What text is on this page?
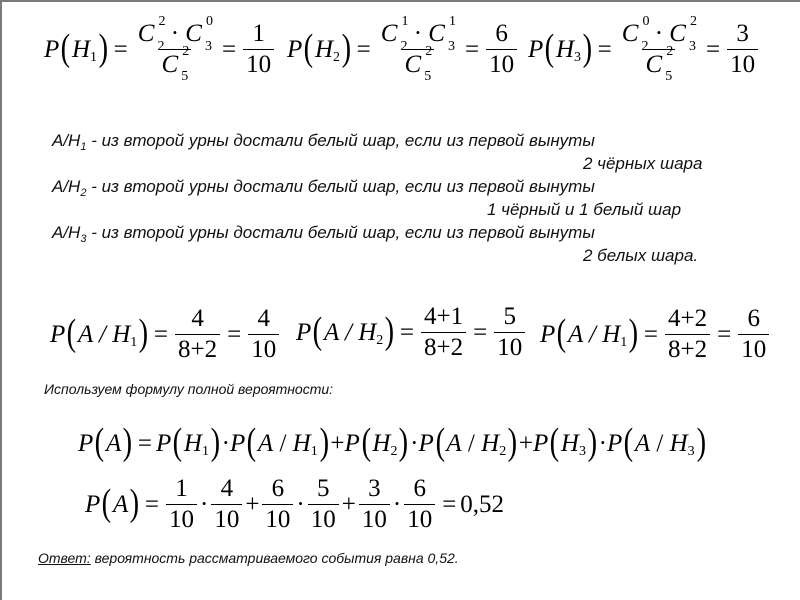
P ( H 1 ) = C 2
2 · C 0
3
C 2
$5 = \frac{1}{10}$ P ( H 2 ) = C 1
2 · C 1
3
C 2
$5 = \frac{6}{10}$ P ( H 3 ) = C 0
2 · C 2
3
C 2
$5 = \frac{3}{10}$
$A/H_1$ - из второй урны достали белый шар, если из первой вынуты
2 чёрных шара
$A/H_2$ - из второй урны достали белый шар, если из первой вынуты
1 чёрный и 1 белый шар
$A/H_3$ - из второй урны достали белый шар, если из первой вынуты
2 белых шара.
P ( A / H 1 ) = $\frac{4}{8+2} = \frac{4}{10}$ P ( A / H 2 ) = $\frac{4+1}{8+2} = \frac{5}{10}$ P ( A / H 1 ) = $\frac{4+2}{8+2} = \frac{6}{10}$
Используем формулу полной вероятности:
P ( A ) = P ( H 1 ) · P ( A / H 1 ) + P ( H 2 ) · P ( A / H 2 ) + P ( H 3 ) · P ( A / H 3 )
P ( A ) = $\frac{1}{10} \cdot \frac{4}{10} + \frac{6}{10} \cdot \frac{5}{10} + \frac{3}{10} \cdot \frac{6}{10} = 0,52$
Ответ: вероятность рассматриваемого события равна 0,52.
